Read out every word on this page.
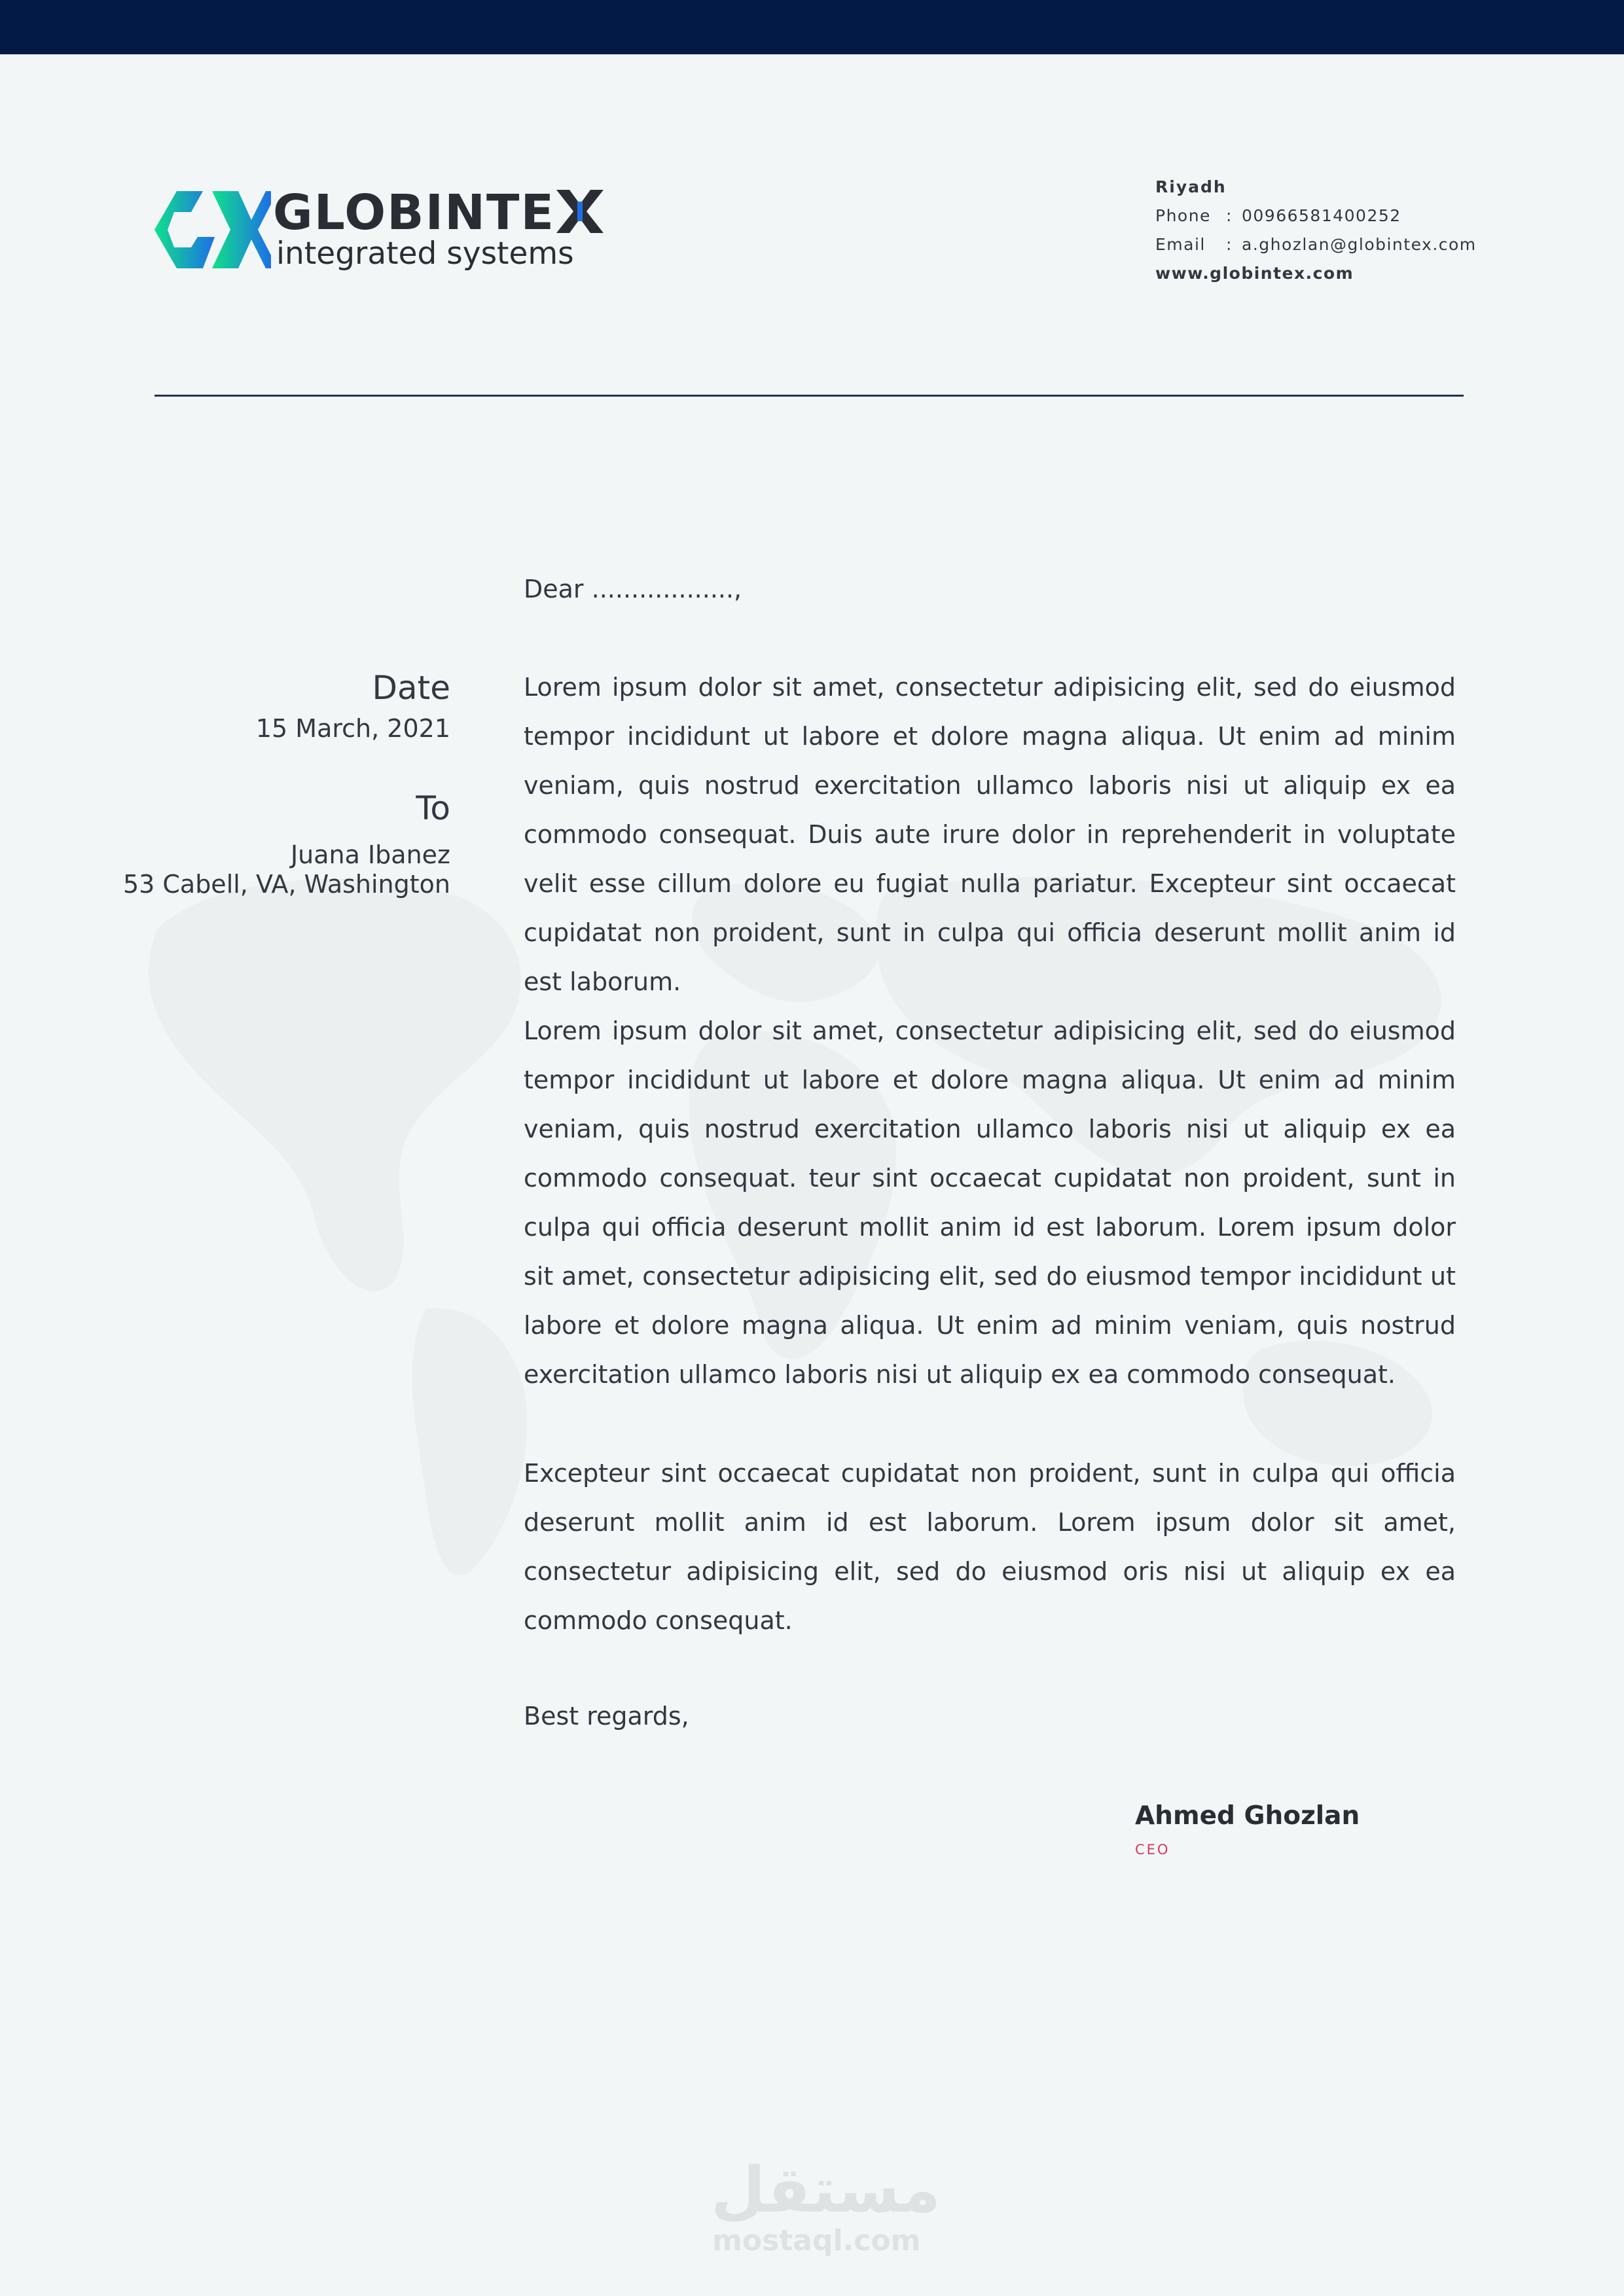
GLOBINTE
integrated systems
Riyadh
Phone : 00966581400252
Email : a.ghozlan@globintex.com
www.globintex.com
Date
15 March, 2021
To
Juana Ibanez
53 Cabell, VA, Washington
Dear ..................,
Lorem ipsum dolor sit amet, consectetur adipisicing elit, sed do eiusmod tempor incididunt ut labore et dolore magna aliqua. Ut enim ad minim veniam, quis nostrud exercitation ullamco laboris nisi ut aliquip ex ea commodo consequat. Duis aute irure dolor in reprehenderit in voluptate velit esse cillum dolore eu fugiat nulla pariatur. Excepteur sint occaecat cupidatat non proident, sunt in culpa qui officia deserunt mollit anim id est laborum.
Lorem ipsum dolor sit amet, consectetur adipisicing elit, sed do eiusmod tempor incididunt ut labore et dolore magna aliqua. Ut enim ad minim veniam, quis nostrud exercitation ullamco laboris nisi ut aliquip ex ea commodo consequat. teur sint occaecat cupidatat non proident, sunt in culpa qui officia deserunt mollit anim id est laborum. Lorem ipsum dolor sit amet, consectetur adipisicing elit, sed do eiusmod tempor incididunt ut labore et dolore magna aliqua. Ut enim ad minim veniam, quis nostrud exercitation ullamco laboris nisi ut aliquip ex ea commodo consequat.
Excepteur sint occaecat cupidatat non proident, sunt in culpa qui officia deserunt mollit anim id est laborum. Lorem ipsum dolor sit amet, consectetur adipisicing elit, sed do eiusmod oris nisi ut aliquip ex ea commodo consequat.
Best regards,
Ahmed Ghozlan
CEO
مستقل
mostaql.com
